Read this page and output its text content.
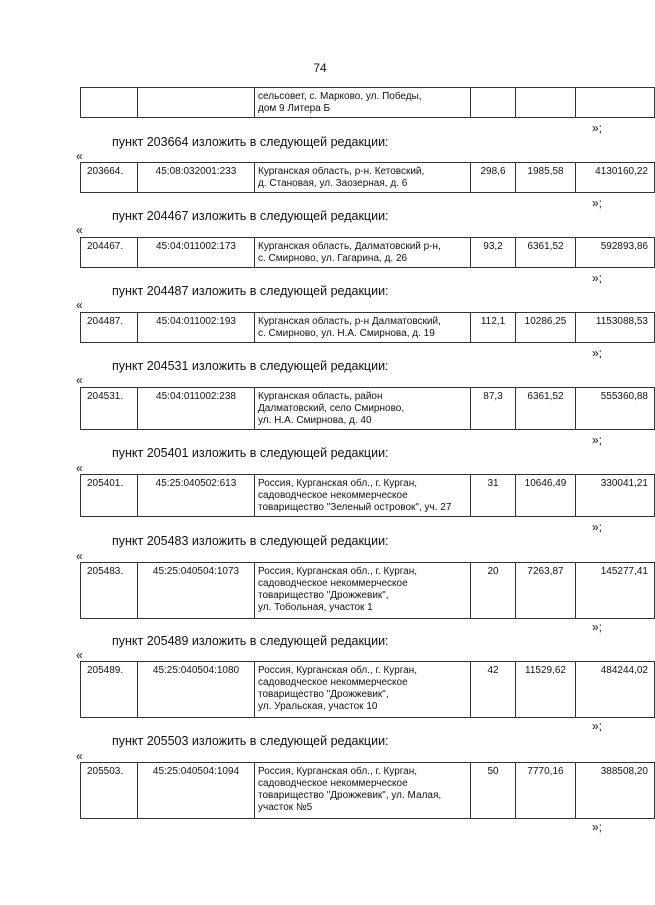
74
		сельсовет, с. Марково, ул. Победы,
дом 9 Литера Б			
»;
пункт 203664 изложить в следующей редакции:
«
203664.	45:08:032001:233	Курганская область, р-н. Кетовский,
д. Становая, ул. Заозерная, д. 6	298,6	1985,58	4130160,22
»;
пункт 204467 изложить в следующей редакции:
«
204467.	45:04:011002:173	Курганская область, Далматовский р-н,
с. Смирново, ул. Гагарина, д. 26	93,2	6361,52	592893,86
»;
пункт 204487 изложить в следующей редакции:
«
204487.	45:04:011002:193	Курганская область, р-н Далматовский,
с. Смирново, ул. Н.А. Смирнова, д. 19	112,1	10286,25	1153088,53
»;
пункт 204531 изложить в следующей редакции:
«
204531.	45:04:011002:238	Курганская область, район
Далматовский, село Смирново,
ул. Н.А. Смирнова, д. 40	87,3	6361,52	555360,88
»;
пункт 205401 изложить в следующей редакции:
«
205401.	45:25:040502:613	Россия, Курганская обл., г. Курган,
садоводческое некоммерческое
товарищество "Зеленый островок", уч. 27	31	10646,49	330041,21
»;
пункт 205483 изложить в следующей редакции:
«
205483.	45:25:040504:1073	Россия, Курганская обл., г. Курган,
садоводческое некоммерческое
товарищество "Дрожжевик",
ул. Тобольная, участок 1	20	7263,87	145277,41
»;
пункт 205489 изложить в следующей редакции:
«
205489.	45:25:040504:1080	Россия, Курганская обл., г. Курган,
садоводческое некоммерческое
товарищество "Дрожжевик",
ул. Уральская, участок 10	42	11529,62	484244,02
»;
пункт 205503 изложить в следующей редакции:
«
205503.	45:25:040504:1094	Россия, Курганская обл., г. Курган,
садоводческое некоммерческое
товарищество "Дрожжевик", ул. Малая,
участок №5	50	7770,16	388508,20
»;
